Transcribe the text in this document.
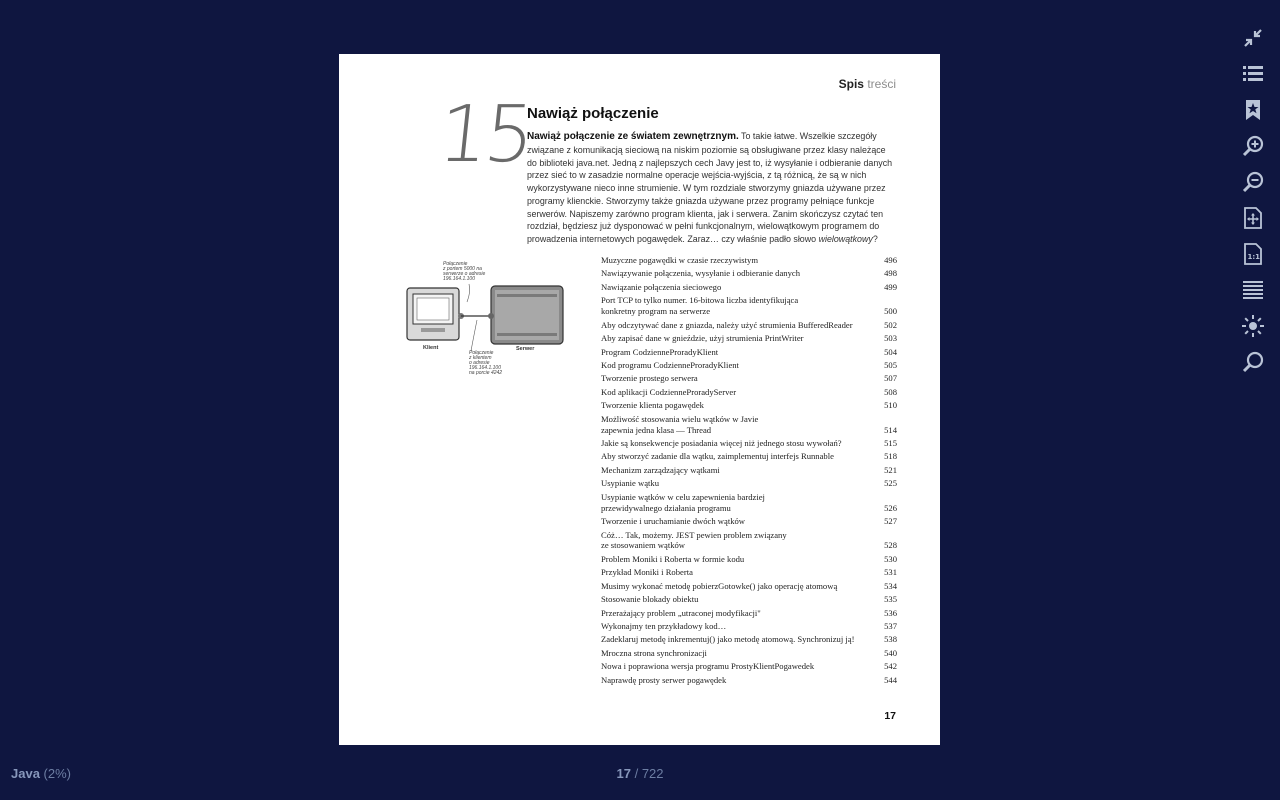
Spis treści
15
Nawiąż połączenie
Nawiąż połączenie ze światem zewnętrznym. To takie łatwe. Wszelkie szczegóły związane z komunikacją sieciową na niskim poziomie są obsługiwane przez klasy należące do biblioteki java.net. Jedną z najlepszych cech Javy jest to, iż wysyłanie i odbieranie danych przez sieć to w zasadzie normalne operacje wejścia-wyjścia, z tą różnicą, że są w nich wykorzystywane nieco inne strumienie. W tym rozdziale stworzymy gniazda używane przez programy klienckie. Stworzymy także gniazda używane przez programy pełniące funkcje serwerów. Napiszemy zarówno program klienta, jak i serwera. Zanim skończysz czytać ten rozdział, będziesz już dysponować w pełni funkcjonalnym, wielowątkowym programem do prowadzenia internetowych pogawędek. Zaraz… czy właśnie padło słowo wielowątkowy?
Połączenie z portem 5000 na serwerze o adresie 196.164.1.100
Połączenie z klientem o adresie 196.164.1.100 na porcie 4242
Klient	Serwer
Muzyczne pogawędki w czasie rzeczywistym	496
Nawiązywanie połączenia, wysyłanie i odbieranie danych	498
Nawiązanie połączenia sieciowego	499
Port TCP to tylko numer. 16-bitowa liczba identyfikująca
konkretny program na serwerze	500
Aby odczytywać dane z gniazda, należy użyć strumienia BufferedReader	502
Aby zapisać dane w gnieździe, użyj strumienia PrintWriter	503
Program CodzienneProradyKlient	504
Kod programu CodzienneProradyKlient	505
Tworzenie prostego serwera	507
Kod aplikacji CodzienneProradyServer	508
Tworzenie klienta pogawędek	510
Możliwość stosowania wielu wątków w Javie
zapewnia jedna klasa — Thread	514
Jakie są konsekwencje posiadania więcej niż jednego stosu wywołań?	515
Aby stworzyć zadanie dla wątku, zaimplementuj interfejs Runnable	518
Mechanizm zarządzający wątkami	521
Usypianie wątku	525
Usypianie wątków w celu zapewnienia bardziej
przewidywalnego działania programu	526
Tworzenie i uruchamianie dwóch wątków	527
Cóż… Tak, możemy. JEST pewien problem związany
ze stosowaniem wątków	528
Problem Moniki i Roberta w formie kodu	530
Przykład Moniki i Roberta	531
Musimy wykonać metodę pobierzGotowke() jako operację atomową	534
Stosowanie blokady obiektu	535
Przerażający problem „utraconej modyfikacji"	536
Wykonajmy ten przykładowy kod…	537
Zadeklaruj metodę inkrementuj() jako metodę atomową. Synchronizuj ją!	538
Mroczna strona synchronizacji	540
Nowa i poprawiona wersja programu ProstyKlientPogawedek	542
Naprawdę prosty serwer pogawędek	544
17
1:1
Java (2%)	17 / 722
